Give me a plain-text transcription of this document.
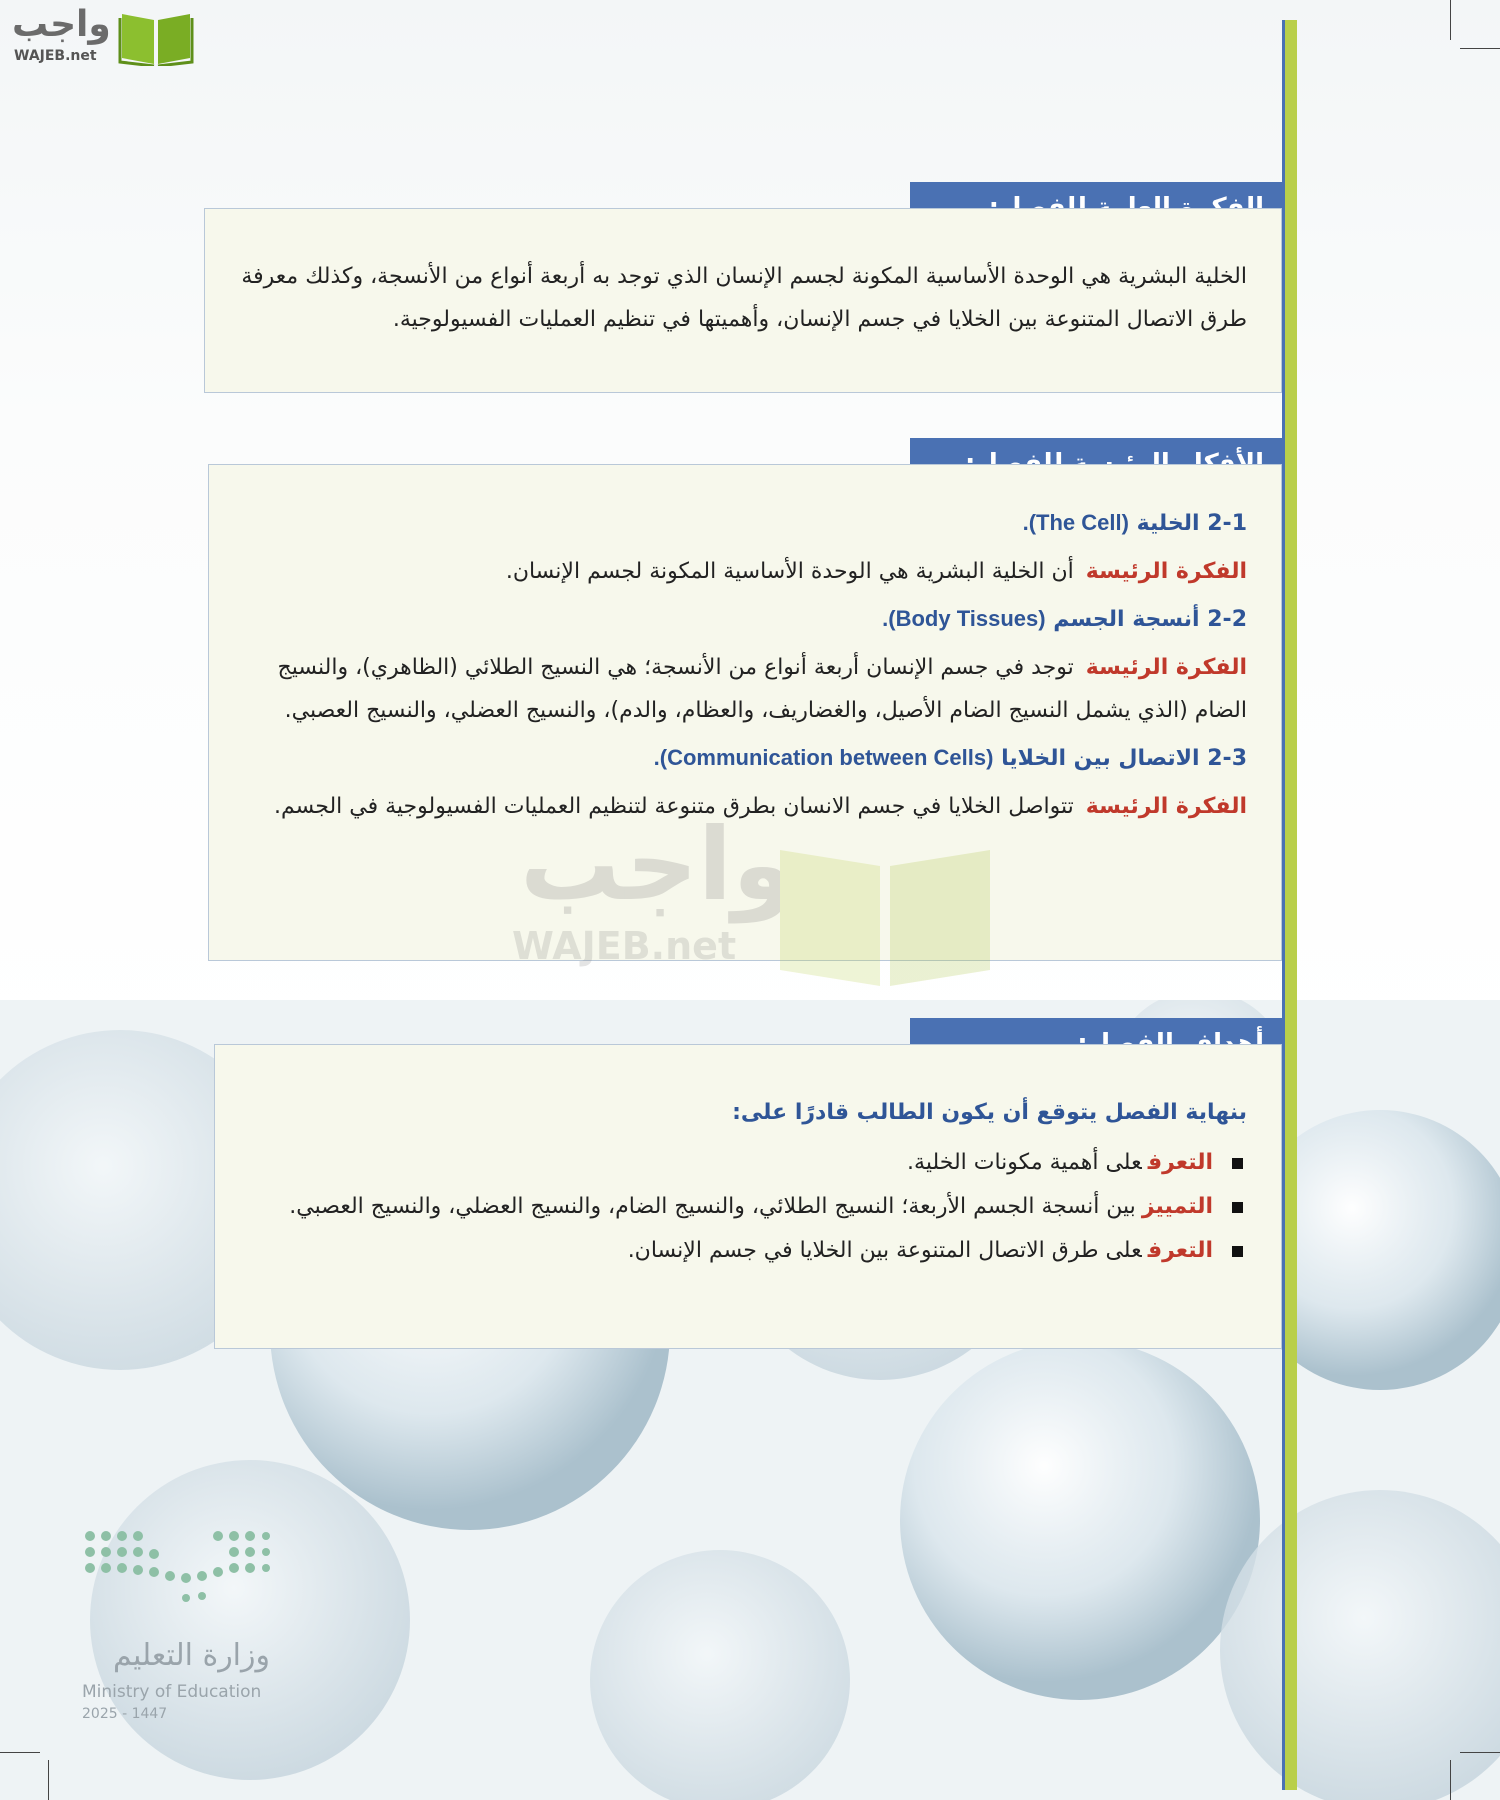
واجب
WAJEB.net
الخلية البشرية هي الوحدة الأساسية المكونة لجسم الإنسان الذي توجد به أربعة أنواع من الأنسجة، وكذلك معرفة طرق الاتصال المتنوعة بين الخلايا في جسم الإنسان، وأهميتها في تنظيم العمليات الفسيولوجية.
2-1 الخلية (The Cell).
الفكرة الرئيسةأن الخلية البشرية هي الوحدة الأساسية المكونة لجسم الإنسان.
2-2 أنسجة الجسم (Body Tissues).
الفكرة الرئيسةتوجد في جسم الإنسان أربعة أنواع من الأنسجة؛ هي النسيج الطلائي (الظاهري)، والنسيج الضام (الذي يشمل النسيج الضام الأصيل، والغضاريف، والعظام، والدم)، والنسيج العضلي، والنسيج العصبي.
2-3 الاتصال بين الخلايا (Communication between Cells).
الفكرة الرئيسةتتواصل الخلايا في جسم الانسان بطرق متنوعة لتنظيم العمليات الفسيولوجية في الجسم.
واجب
WAJEB.net
بنهاية الفصل يتوقع أن يكون الطالب قادرًا على:
التعرفعلى أهمية مكونات الخلية.
التمييزبين أنسجة الجسم الأربعة؛ النسيج الطلائي، والنسيج الضام، والنسيج العضلي، والنسيج العصبي.
التعرفعلى طرق الاتصال المتنوعة بين الخلايا في جسم الإنسان.
وزارة التعليم
Ministry of Education
2025 - 1447
